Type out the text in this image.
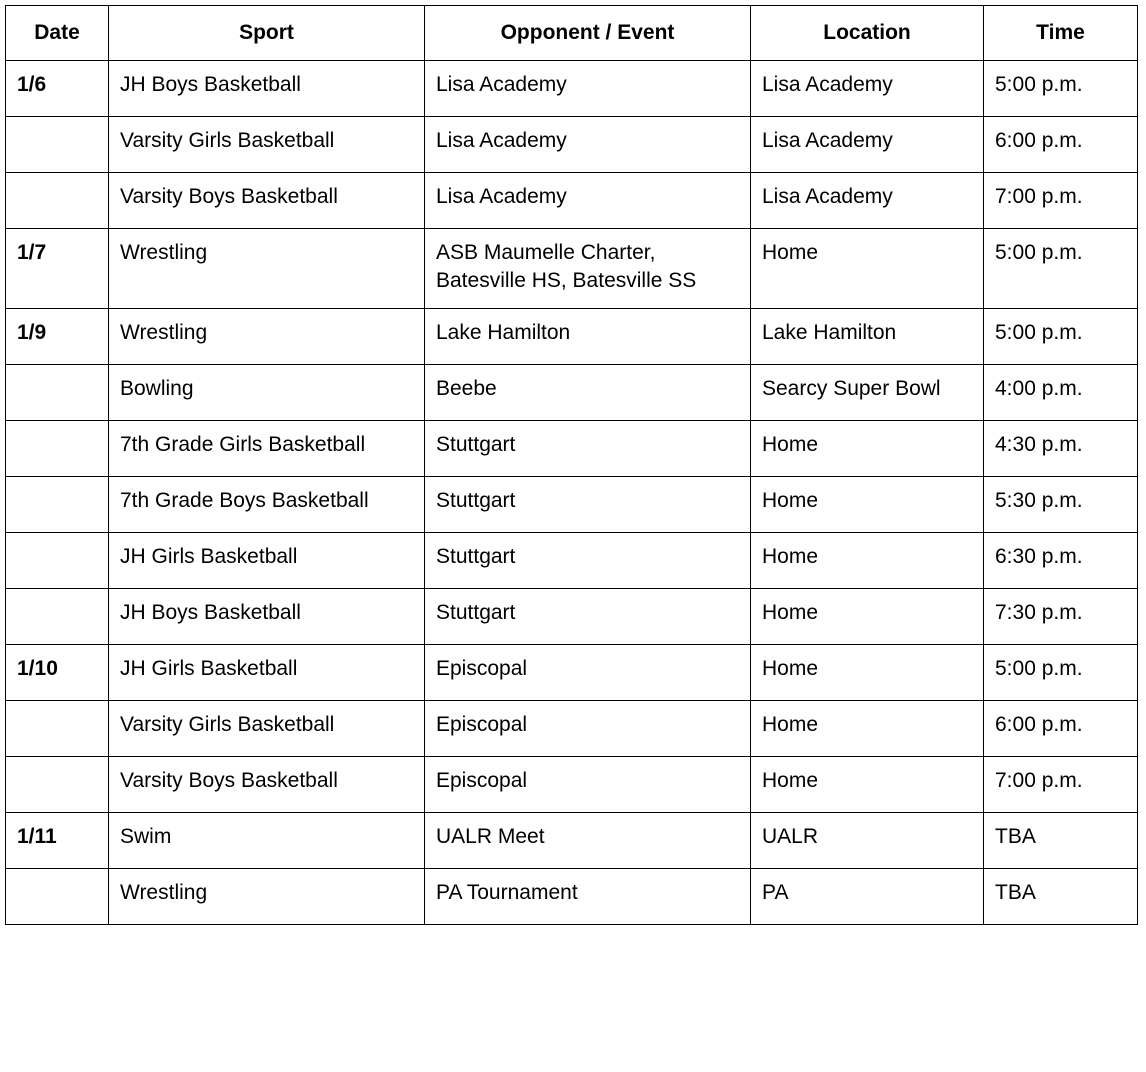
Date	Sport	Opponent / Event	Location	Time
1/6	JH Boys Basketball	Lisa Academy	Lisa Academy	5:00 p.m.
	Varsity Girls Basketball	Lisa Academy	Lisa Academy	6:00 p.m.
	Varsity Boys Basketball	Lisa Academy	Lisa Academy	7:00 p.m.
1/7	Wrestling	ASB Maumelle Charter, Batesville HS, Batesville SS	Home	5:00 p.m.
1/9	Wrestling	Lake Hamilton	Lake Hamilton	5:00 p.m.
	Bowling	Beebe	Searcy Super Bowl	4:00 p.m.
	7th Grade Girls Basketball	Stuttgart	Home	4:30 p.m.
	7th Grade Boys Basketball	Stuttgart	Home	5:30 p.m.
	JH Girls Basketball	Stuttgart	Home	6:30 p.m.
	JH Boys Basketball	Stuttgart	Home	7:30 p.m.
1/10	JH Girls Basketball	Episcopal	Home	5:00 p.m.
	Varsity Girls Basketball	Episcopal	Home	6:00 p.m.
	Varsity Boys Basketball	Episcopal	Home	7:00 p.m.
1/11	Swim	UALR Meet	UALR	TBA
	Wrestling	PA Tournament	PA	TBA
